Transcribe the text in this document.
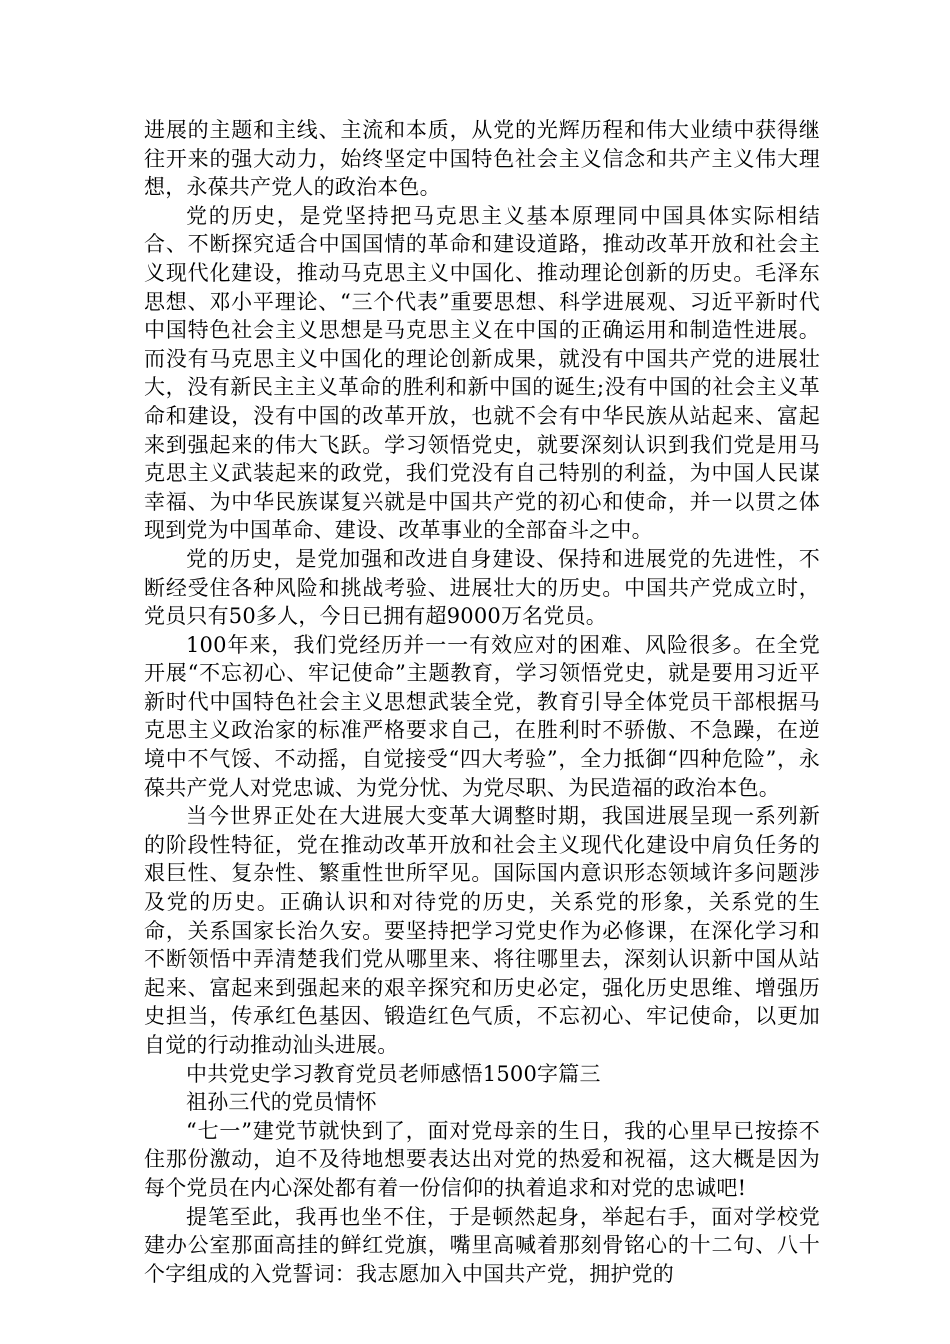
进展的主题和主线、主流和本质，从党的光辉历程和伟大业绩中获得继往开来的强大动力，始终坚定中国特色社会主义信念和共产主义伟大理想，永葆共产党人的政治本色。

党的历史，是党坚持把马克思主义基本原理同中国具体实际相结合、不断探究适合中国国情的革命和建设道路，推动改革开放和社会主义现代化建设，推动马克思主义中国化、推动理论创新的历史。毛泽东思想、邓小平理论、“三个代表”重要思想、科学进展观、习近平新时代中国特色社会主义思想是马克思主义在中国的正确运用和制造性进展。而没有马克思主义中国化的理论创新成果，就没有中国共产党的进展壮大，没有新民主主义革命的胜利和新中国的诞生;没有中国的社会主义革命和建设，没有中国的改革开放，也就不会有中华民族从站起来、富起来到强起来的伟大飞跃。学习领悟党史，就要深刻认识到我们党是用马克思主义武装起来的政党，我们党没有自己特别的利益，为中国人民谋幸福、为中华民族谋复兴就是中国共产党的初心和使命，并一以贯之体现到党为中国革命、建设、改革事业的全部奋斗之中。

党的历史，是党加强和改进自身建设、保持和进展党的先进性，不断经受住各种风险和挑战考验、进展壮大的历史。中国共产党成立时，党员只有50多人，今日已拥有超9000万名党员。

100年来，我们党经历并一一有效应对的困难、风险很多。在全党开展“不忘初心、牢记使命”主题教育，学习领悟党史，就是要用习近平新时代中国特色社会主义思想武装全党，教育引导全体党员干部根据马克思主义政治家的标准严格要求自己，在胜利时不骄傲、不急躁，在逆境中不气馁、不动摇，自觉接受“四大考验”，全力抵御“四种危险”，永葆共产党人对党忠诚、为党分忧、为党尽职、为民造福的政治本色。

当今世界正处在大进展大变革大调整时期，我国进展呈现一系列新的阶段性特征，党在推动改革开放和社会主义现代化建设中肩负任务的艰巨性、复杂性、繁重性世所罕见。国际国内意识形态领域许多问题涉及党的历史。正确认识和对待党的历史，关系党的形象，关系党的生命，关系国家长治久安。要坚持把学习党史作为必修课，在深化学习和不断领悟中弄清楚我们党从哪里来、将往哪里去，深刻认识新中国从站起来、富起来到强起来的艰辛探究和历史必定，强化历史思维、增强历史担当，传承红色基因、锻造红色气质，不忘初心、牢记使命，以更加自觉的行动推动汕头进展。

中共党史学习教育党员老师感悟1500字篇三

祖孙三代的党员情怀

“七一”建党节就快到了，面对党母亲的生日，我的心里早已按捺不住那份激动，迫不及待地想要表达出对党的热爱和祝福，这大概是因为每个党员在内心深处都有着一份信仰的执着追求和对党的忠诚吧!

提笔至此，我再也坐不住，于是顿然起身，举起右手，面对学校党建办公室那面高挂的鲜红党旗，嘴里高喊着那刻骨铭心的十二句、八十个字组成的入党誓词：我志愿加入中国共产党，拥护党的
